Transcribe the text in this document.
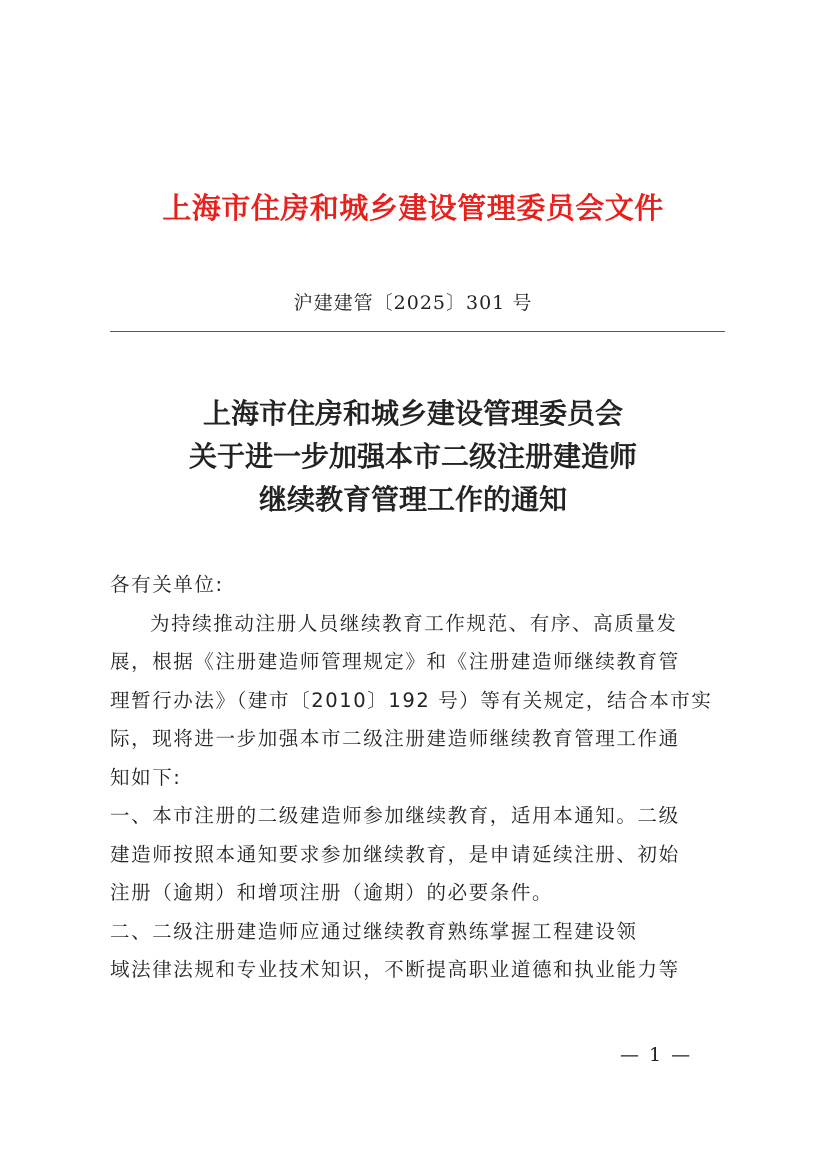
上海市住房和城乡建设管理委员会文件
沪建建管〔2025〕301 号
上海市住房和城乡建设管理委员会
关于进一步加强本市二级注册建造师
继续教育管理工作的通知
各有关单位:
为持续推动注册人员继续教育工作规范、有序、高质量发
展，根据《注册建造师管理规定》和《注册建造师继续教育管
理暂行办法》（建市〔2010〕192 号）等有关规定，结合本市实
际，现将进一步加强本市二级注册建造师继续教育管理工作通
知如下:
一、本市注册的二级建造师参加继续教育，适用本通知。二级
建造师按照本通知要求参加继续教育，是申请延续注册、初始
注册（逾期）和增项注册（逾期）的必要条件。
二、二级注册建造师应通过继续教育熟练掌握工程建设领
域法律法规和专业技术知识，不断提高职业道德和执业能力等
— 1 —
